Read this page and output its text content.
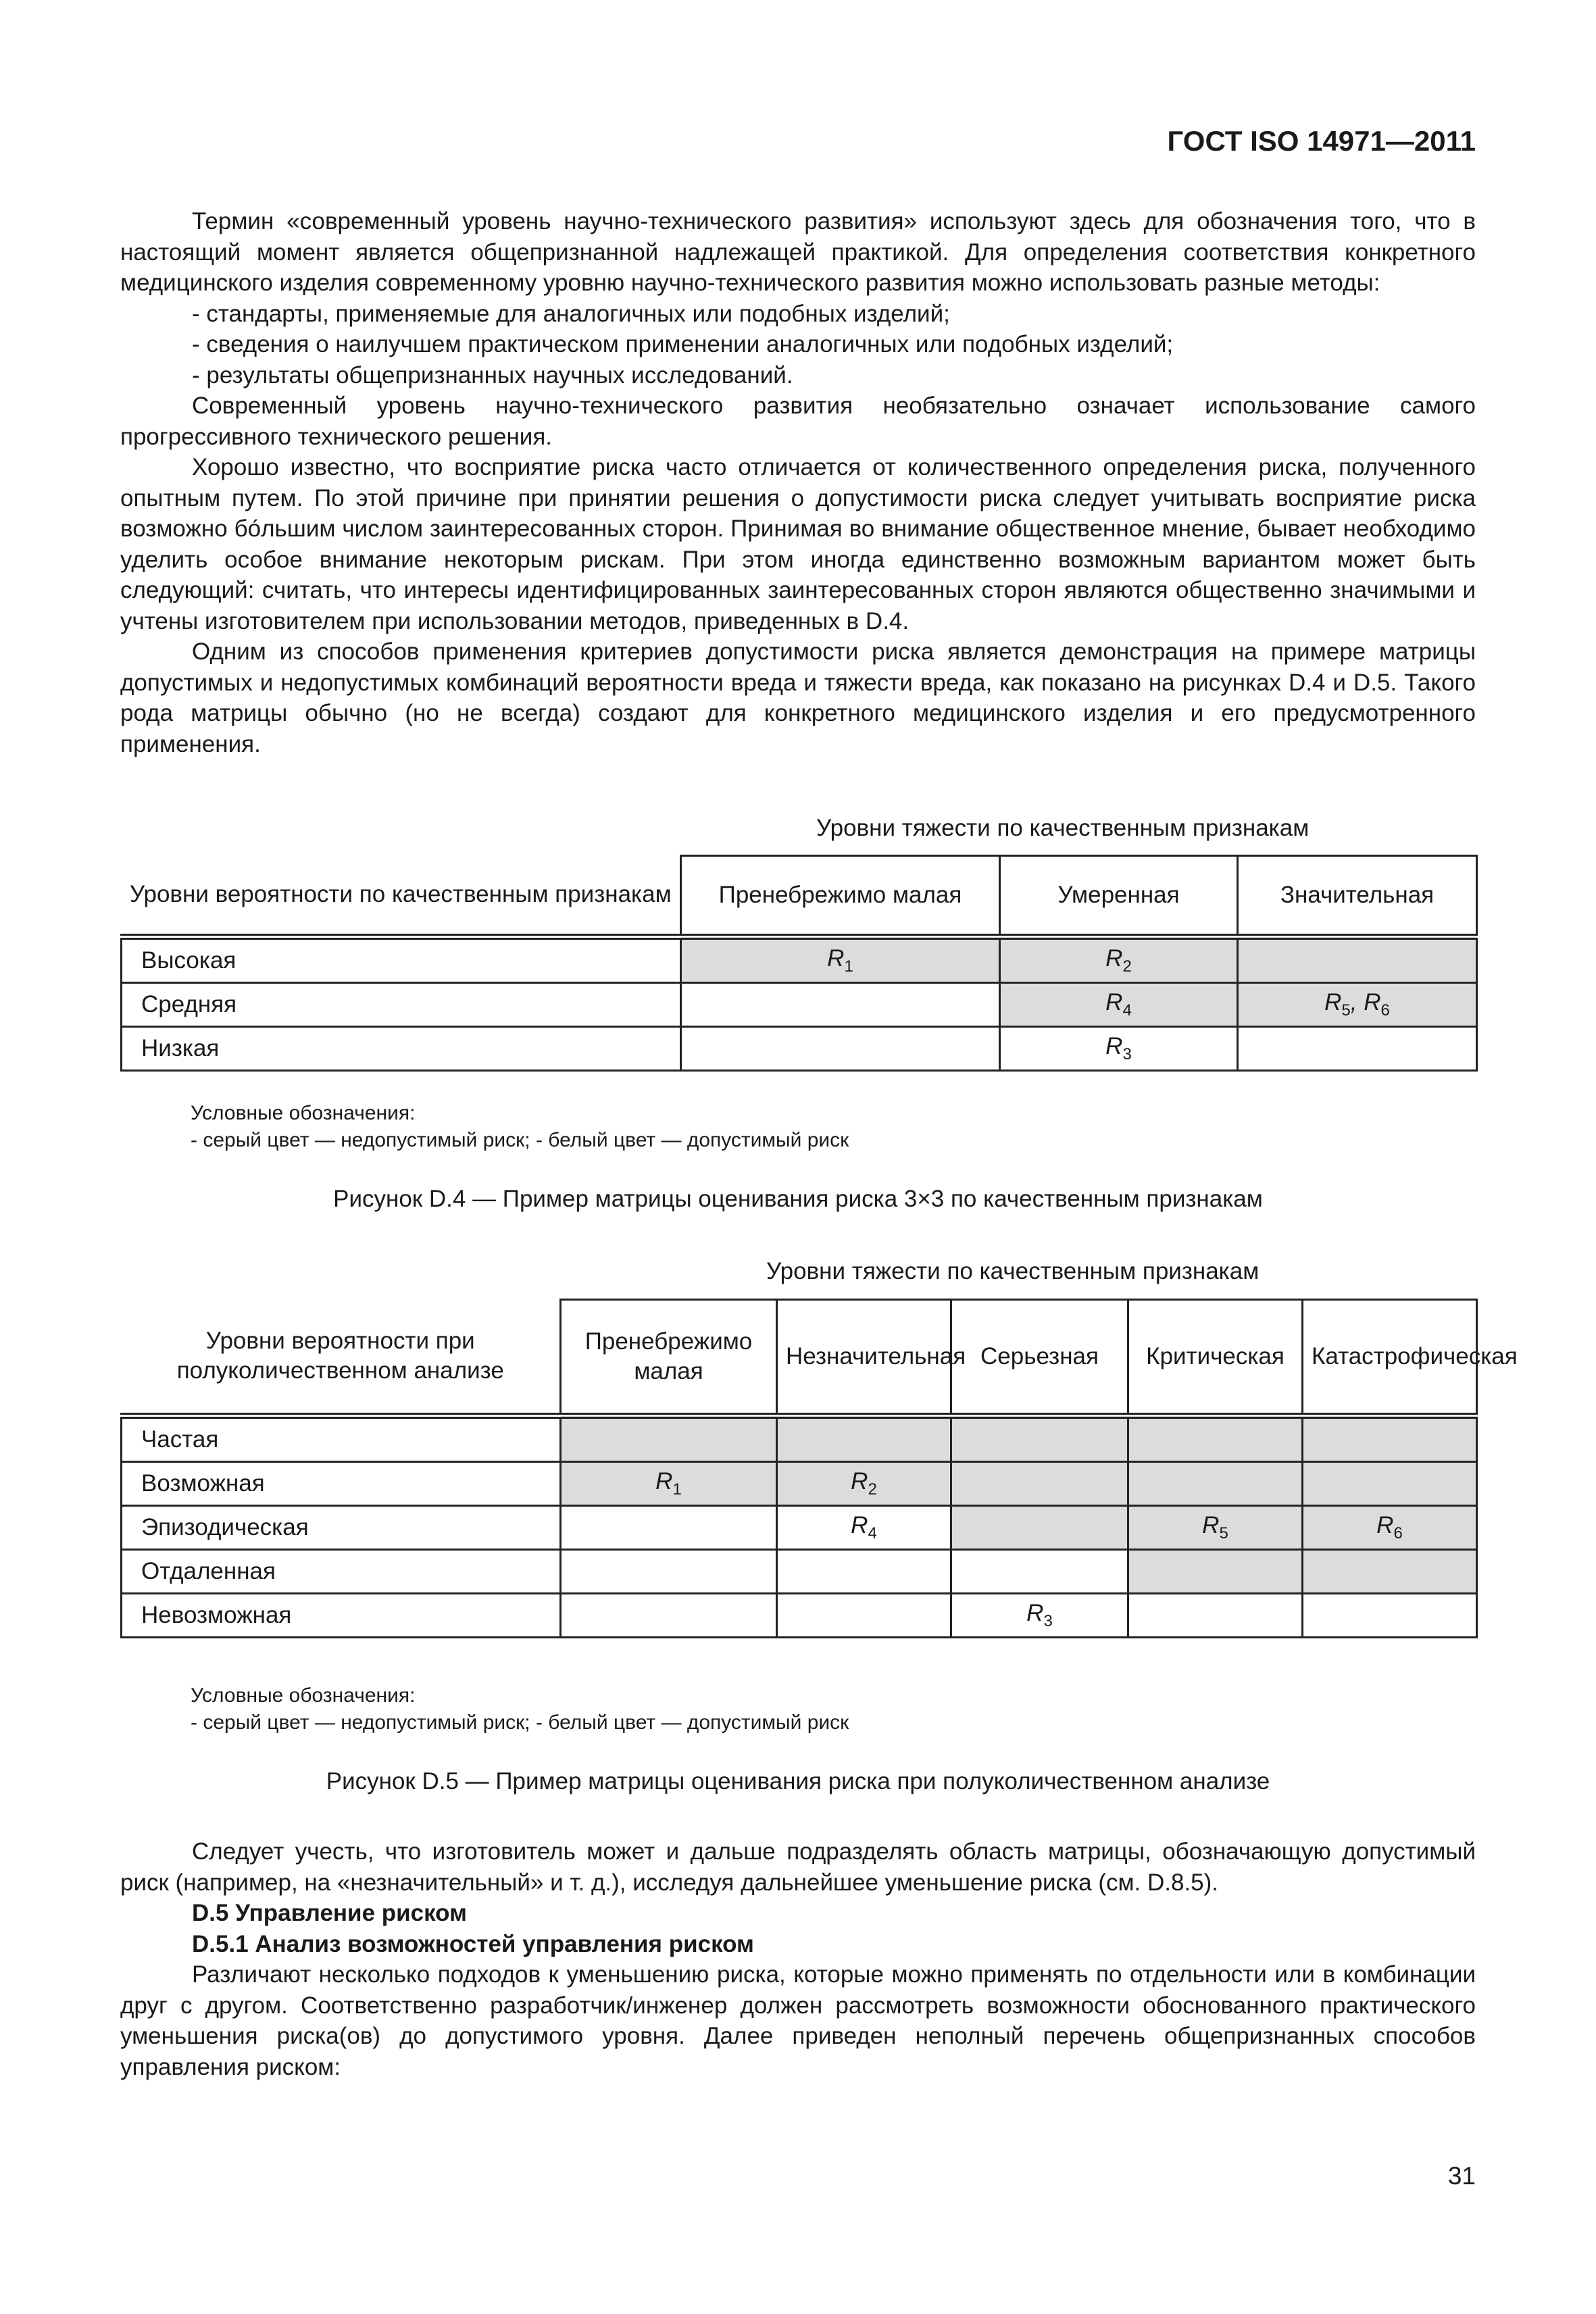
ГОСТ ISO 14971—2011

Термин «современный уровень научно-технического развития» используют здесь для обозначения того, что в настоящий момент является общепризнанной надлежащей практикой. Для определения соответствия конкретного медицинского изделия современному уровню научно-технического развития можно использовать разные методы:

- стандарты, применяемые для аналогичных или подобных изделий;

- сведения о наилучшем практическом применении аналогичных или подобных изделий;

- результаты общепризнанных научных исследований.

Современный уровень научно-технического развития необязательно означает использование самого прогрессивного технического решения.

Хорошо известно, что восприятие риска часто отличается от количественного определения риска, полученного опытным путем. По этой причине при принятии решения о допустимости риска следует учитывать восприятие риска возможно бо́льшим числом заинтересованных сторон. Принимая во внимание общественное мнение, бывает необходимо уделить особое внимание некоторым рискам. При этом иногда единственно возможным вариантом может быть следующий: считать, что интересы идентифицированных заинтересованных сторон являются общественно значимыми и учтены изготовителем при использовании методов, приведенных в D.4.

Одним из способов применения критериев допустимости риска является демонстрация на примере матрицы допустимых и недопустимых комбинаций вероятности вреда и тяжести вреда, как показано на рисунках D.4 и D.5. Такого рода матрицы обычно (но не всегда) создают для конкретного медицинского изделия и его предусмотренного применения.

Уровни тяжести по качественным признакам
Уровни вероятности по качественным признакам	Пренебрежимо малая	Умеренная	Значительная
Высокая	$R_1$	$R_2$	
Средняя		$R_4$	$R_5$, $R_6$
Низкая		$R_3$	
Условные обозначения:
- серый цвет — недопустимый риск; - белый цвет — допустимый риск
Рисунок D.4 — Пример матрицы оценивания риска 3×3 по качественным признакам
Уровни тяжести по качественным признакам
Уровни вероятности при полуколичественном анализе	Пренебрежимо малая	Незначительная	Серьезная	Критическая	Катастрофическая
Частая					
Возможная	$R_1$	$R_2$			
Эпизодическая		$R_4$		$R_5$	$R_6$
Отдаленная					
Невозможная			$R_3$		
Условные обозначения:
- серый цвет — недопустимый риск; - белый цвет — допустимый риск
Рисунок D.5 — Пример матрицы оценивания риска при полуколичественном анализе

Следует учесть, что изготовитель может и дальше подразделять область матрицы, обозначающую допустимый риск (например, на «незначительный» и т. д.), исследуя дальнейшее уменьшение риска (см. D.8.5).

D.5 Управление риском

D.5.1 Анализ возможностей управления риском

Различают несколько подходов к уменьшению риска, которые можно применять по отдельности или в комбинации друг с другом. Соответственно разработчик/инженер должен рассмотреть возможности обоснованного практического уменьшения риска(ов) до допустимого уровня. Далее приведен неполный перечень общепризнанных способов управления риском:

31
